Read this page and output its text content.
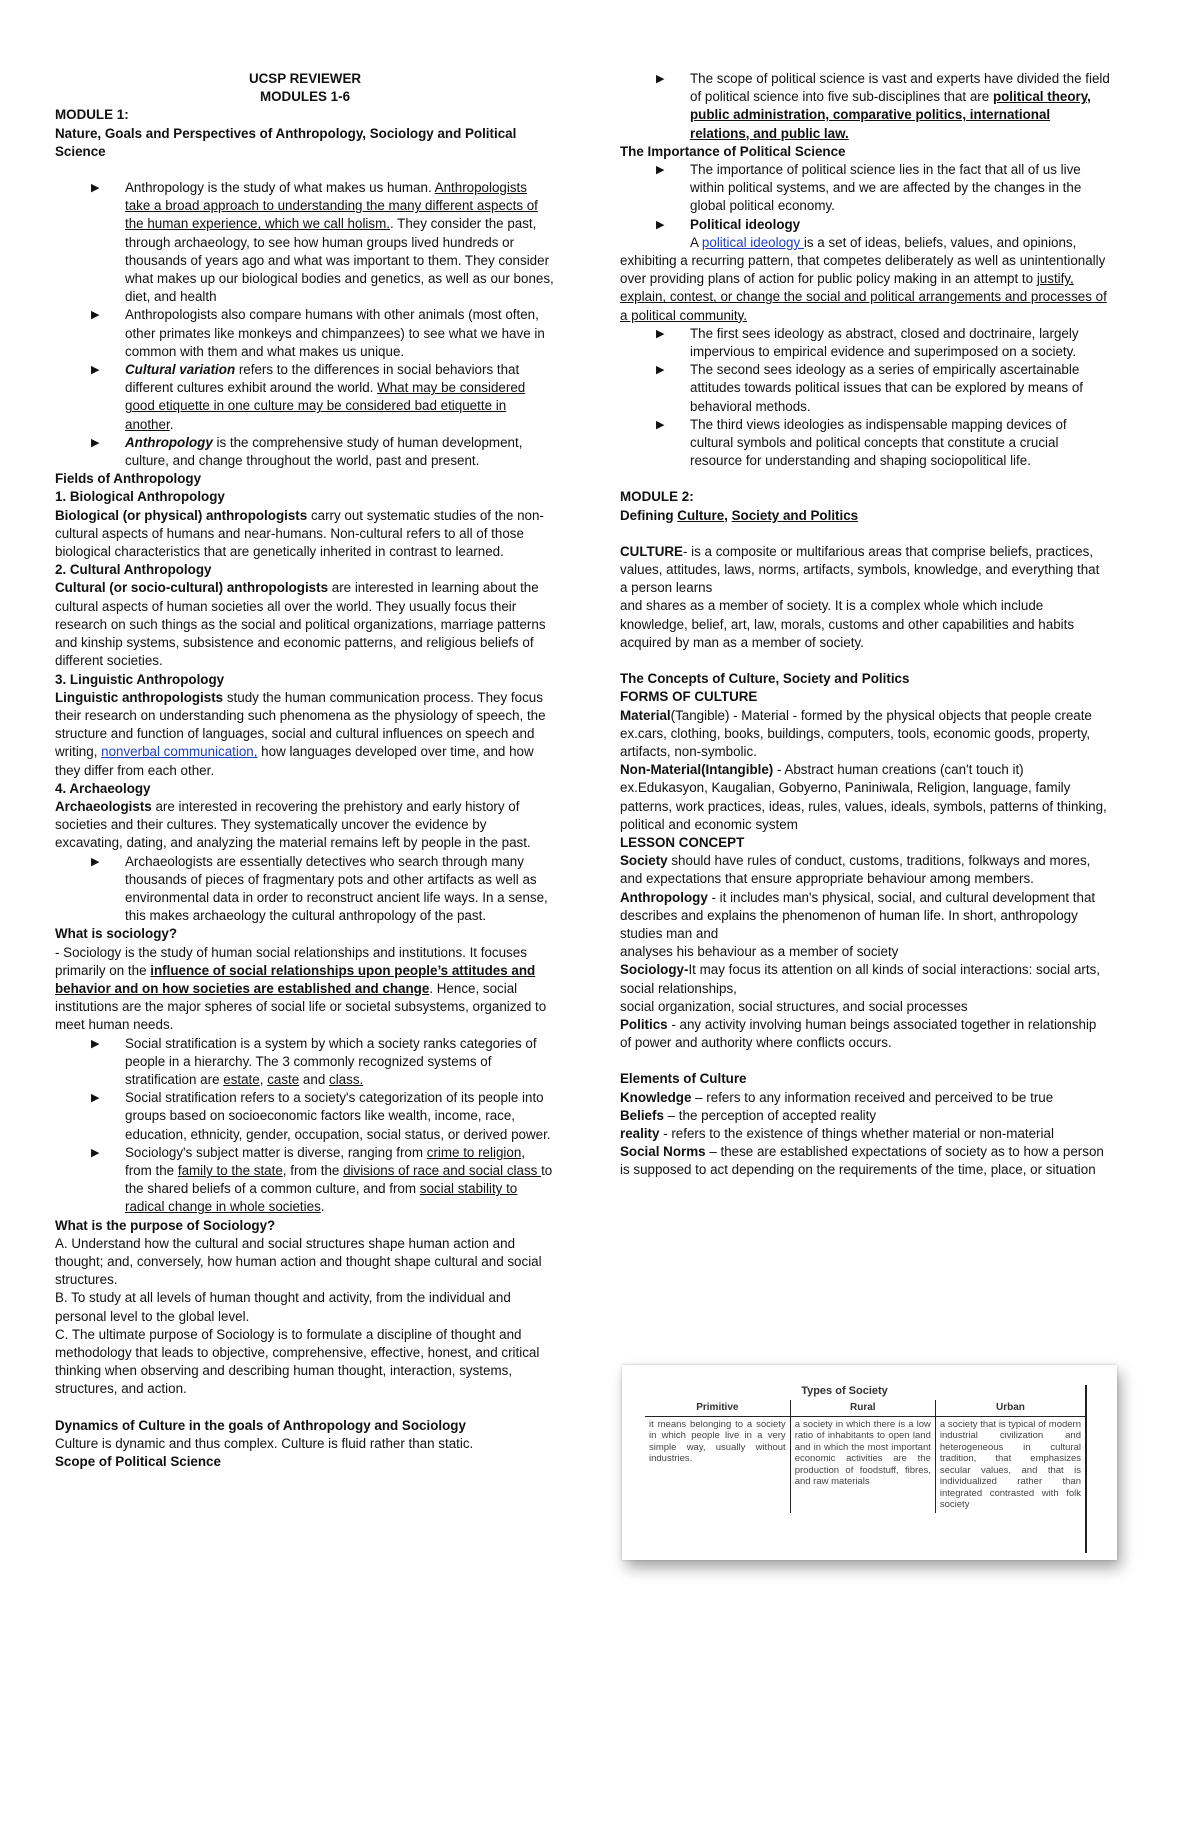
UCSP REVIEWER

MODULES 1-6

MODULE 1:

Nature, Goals and Perspectives of Anthropology, Sociology and Political Science

▶ Anthropology is the study of what makes us human. Anthropologists take a broad approach to understanding the many different aspects of the human experience, which we call holism.. They consider the past, through archaeology, to see how human groups lived hundreds or thousands of years ago and what was important to them. They consider what makes up our biological bodies and genetics, as well as our bones, diet, and health
▶ Anthropologists also compare humans with other animals (most often, other primates like monkeys and chimpanzees) to see what we have in common with them and what makes us unique.
▶ Cultural variation refers to the differences in social behaviors that different cultures exhibit around the world. What may be considered good etiquette in one culture may be considered bad etiquette in another.
▶ Anthropology is the comprehensive study of human development, culture, and change throughout the world, past and present.

Fields of Anthropology

1. Biological Anthropology

Biological (or physical) anthropologists carry out systematic studies of the non-cultural aspects of humans and near-humans. Non-cultural refers to all of those biological characteristics that are genetically inherited in contrast to learned.

2. Cultural Anthropology

Cultural (or socio-cultural) anthropologists are interested in learning about the cultural aspects of human societies all over the world. They usually focus their research on such things as the social and political organizations, marriage patterns and kinship systems, subsistence and economic patterns, and religious beliefs of different societies.

3. Linguistic Anthropology

Linguistic anthropologists study the human communication process. They focus their research on understanding such phenomena as the physiology of speech, the structure and function of languages, social and cultural influences on speech and writing, nonverbal communication, how languages developed over time, and how they differ from each other.

4. Archaeology

Archaeologists are interested in recovering the prehistory and early history of societies and their cultures. They systematically uncover the evidence by excavating, dating, and analyzing the material remains left by people in the past.

▶ Archaeologists are essentially detectives who search through many thousands of pieces of fragmentary pots and other artifacts as well as environmental data in order to reconstruct ancient life ways. In a sense, this makes archaeology the cultural anthropology of the past.

What is sociology?

- Sociology is the study of human social relationships and institutions. It focuses primarily on the influence of social relationships upon people’s attitudes and behavior and on how societies are established and change. Hence, social institutions are the major spheres of social life or societal subsystems, organized to meet human needs.

▶ Social stratification is a system by which a society ranks categories of people in a hierarchy. The 3 commonly recognized systems of stratification are estate, caste and class.
▶ Social stratification refers to a society's categorization of its people into groups based on socioeconomic factors like wealth, income, race, education, ethnicity, gender, occupation, social status, or derived power.
▶ Sociology's subject matter is diverse, ranging from crime to religion, from the family to the state, from the divisions of race and social class to the shared beliefs of a common culture, and from social stability to radical change in whole societies.

What is the purpose of Sociology?

A. Understand how the cultural and social structures shape human action and thought; and, conversely, how human action and thought shape cultural and social structures.

B. To study at all levels of human thought and activity, from the individual and personal level to the global level.

C. The ultimate purpose of Sociology is to formulate a discipline of thought and methodology that leads to objective, comprehensive, effective, honest, and critical thinking when observing and describing human thought, interaction, systems, structures, and action.

Dynamics of Culture in the goals of Anthropology and Sociology

Culture is dynamic and thus complex. Culture is fluid rather than static.

Scope of Political Science

▶ The scope of political science is vast and experts have divided the field of political science into five sub-disciplines that are political theory, public administration, comparative politics, international relations, and public law.

The Importance of Political Science

▶ The importance of political science lies in the fact that all of us live within political systems, and we are affected by the changes in the global political economy.
▶ Political ideology

A political ideology is a set of ideas, beliefs, values, and opinions, exhibiting a recurring pattern, that competes deliberately as well as unintentionally over providing plans of action for public policy making in an attempt to justify, explain, contest, or change the social and political arrangements and processes of a political community.

▶ The first sees ideology as abstract, closed and doctrinaire, largely impervious to empirical evidence and superimposed on a society.
▶ The second sees ideology as a series of empirically ascertainable attitudes towards political issues that can be explored by means of behavioral methods.
▶ The third views ideologies as indispensable mapping devices of cultural symbols and political concepts that constitute a crucial resource for understanding and shaping sociopolitical life.

MODULE 2:

Defining Culture, Society and Politics

CULTURE- is a composite or multifarious areas that comprise beliefs, practices, values, attitudes, laws, norms, artifacts, symbols, knowledge, and everything that a person learns

and shares as a member of society. It is a complex whole which include knowledge, belief, art, law, morals, customs and other capabilities and habits acquired by man as a member of society.

The Concepts of Culture, Society and Politics

FORMS OF CULTURE

Material(Tangible) - Material - formed by the physical objects that people create ex.cars, clothing, books, buildings, computers, tools, economic goods, property, artifacts, non-symbolic.

Non-Material(Intangible) - Abstract human creations (can't touch it) ex.Edukasyon, Kaugalian, Gobyerno, Paniniwala, Religion, language, family patterns, work practices, ideas, rules, values, ideals, symbols, patterns of thinking, political and economic system

LESSON CONCEPT

Society should have rules of conduct, customs, traditions, folkways and mores, and expectations that ensure appropriate behaviour among members.

Anthropology - it includes man's physical, social, and cultural development that describes and explains the phenomenon of human life. In short, anthropology studies man and

analyses his behaviour as a member of society

Sociology-It may focus its attention on all kinds of social interactions: social arts, social relationships,

social organization, social structures, and social processes

Politics - any activity involving human beings associated together in relationship of power and authority where conflicts occurs.

Elements of Culture

Knowledge – refers to any information received and perceived to be true

Beliefs – the perception of accepted reality

reality - refers to the existence of things whether material or non-material

Social Norms – these are established expectations of society as to how a person is supposed to act depending on the requirements of the time, place, or situation

Types of Society
Primitive	Rural	Urban
it means belonging to a society in which people live in a very simple way, usually without industries.	a society in which there is a low ratio of inhabitants to open land and in which the most important economic activities are the production of foodstuff, fibres, and raw materials	a society that is typical of modern industrial civilization and heterogeneous in cultural tradition, that emphasizes secular values, and that is individualized rather than integrated contrasted with folk society
